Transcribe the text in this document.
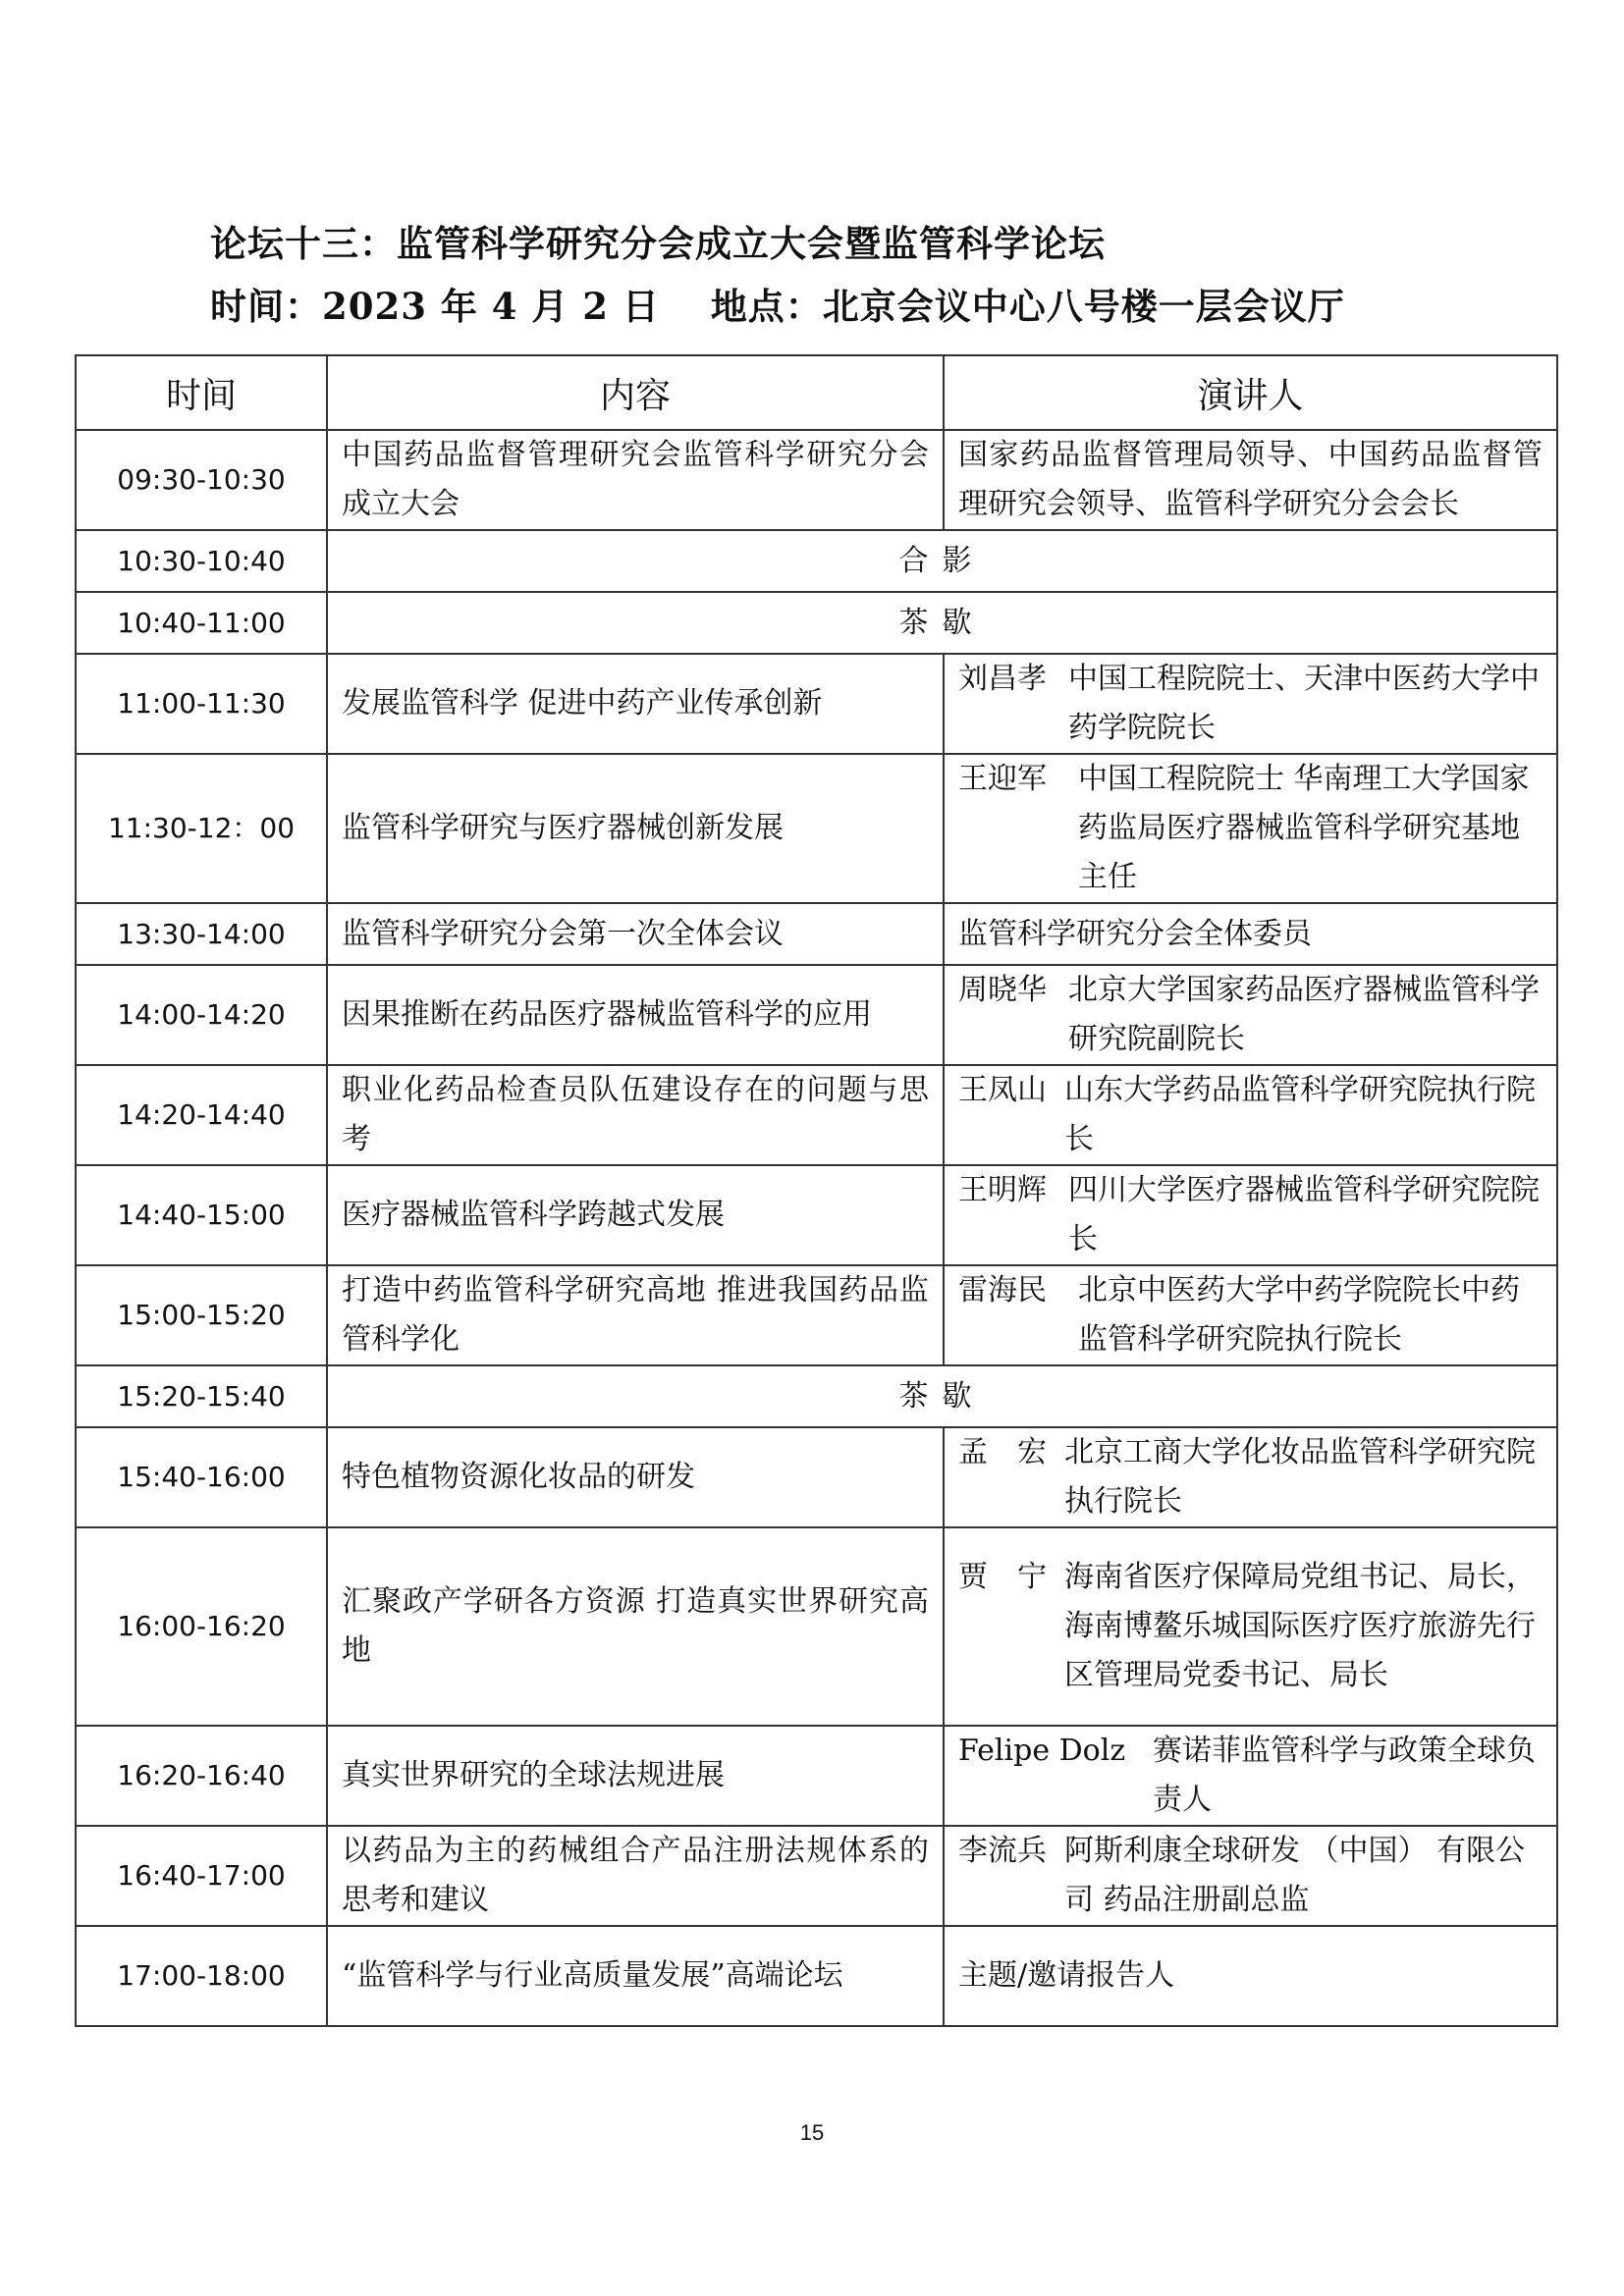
论坛十三：监管科学研究分会成立大会暨监管科学论坛
时间：2023 年 4 月 2 日　 地点：北京会议中心八号楼一层会议厅
时间	内容	演讲人
09:30-10:30	中国药品监督管理研究会监管科学研究分会成立大会	国家药品监督管理局领导、中国药品监督管理研究会领导、监管科学研究分会会长
10:30-10:40	合影	
10:40-11:00	茶歇	
11:00-11:30	发展监管科学 促进中药产业传承创新	刘昌孝 中国工程院院士、天津中医药大学中药学院院长

11:30-12：00	监管科学研究与医疗器械创新发展	王迎军 中国工程院院士 华南理工大学国家药监局医疗器械监管科学研究基地主任

13:30-14:00	监管科学研究分会第一次全体会议	监管科学研究分会全体委员
14:00-14:20	因果推断在药品医疗器械监管科学的应用	周晓华 北京大学国家药品医疗器械监管科学研究院副院长

14:20-14:40	职业化药品检查员队伍建设存在的问题与思考	王凤山 山东大学药品监管科学研究院执行院长

14:40-15:00	医疗器械监管科学跨越式发展	王明辉 四川大学医疗器械监管科学研究院院长

15:00-15:20	打造中药监管科学研究高地 推进我国药品监管科学化	雷海民 北京中医药大学中药学院院长中药监管科学研究院执行院长

15:20-15:40	茶歇	
15:40-16:00	特色植物资源化妆品的研发	孟　宏 北京工商大学化妆品监管科学研究院执行院长

16:00-16:20	汇聚政产学研各方资源 打造真实世界研究高地	贾　宁 海南省医疗保障局党组书记、局长，海南博鳌乐城国际医疗医疗旅游先行区管理局党委书记、局长

16:20-16:40	真实世界研究的全球法规进展	Felipe Dolz 赛诺菲监管科学与政策全球负责人

16:40-17:00	以药品为主的药械组合产品注册法规体系的思考和建议	李流兵 阿斯利康全球研发 （中国） 有限公司 药品注册副总监

17:00-18:00	“监管科学与行业高质量发展”高端论坛	主题/邀请报告人
15
